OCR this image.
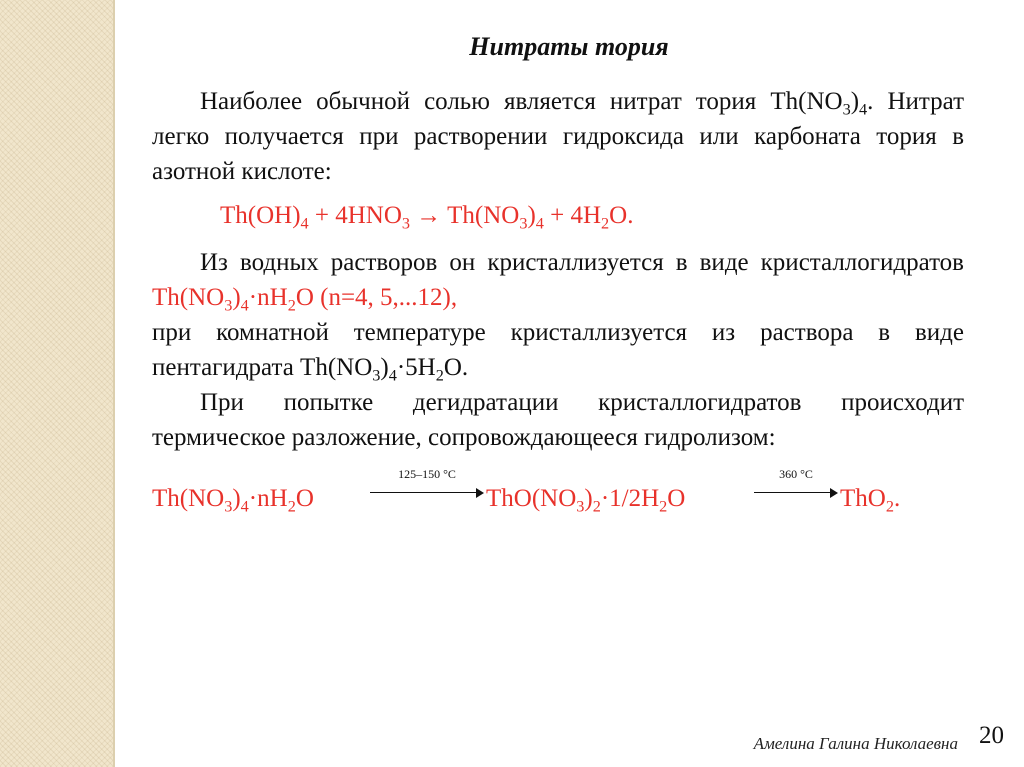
Нитраты тория

Наиболее обычной солью является нитрат тория $Th(NO_3)_4$. Нитрат легко получается при растворении гидроксида или карбоната тория в азотной кислоте:

$Th(OH)_4 + 4HNO_3 \to Th(NO_3)_4 + 4H_2O$.

Из водных растворов он кристаллизуется в виде кристаллогидратов $Th(NO_3)_4\cdot nH_2O$ (n=4, 5,...12),

при комнатной температуре кристаллизуется из раствора в виде пентагидрата $Th(NO_3)_4\cdot 5H_2O$.

При попытке дегидратации кристаллогидратов происходит термическое разложение, сопровождающееся гидролизом:

$Th(NO_3)_4\cdot nH_2O$
125–150 °С
$ThO(NO_3)_2\cdot 1/2H_2O$
360 °С
ThO$_2$.
Амелина Галина Николаевна 20
